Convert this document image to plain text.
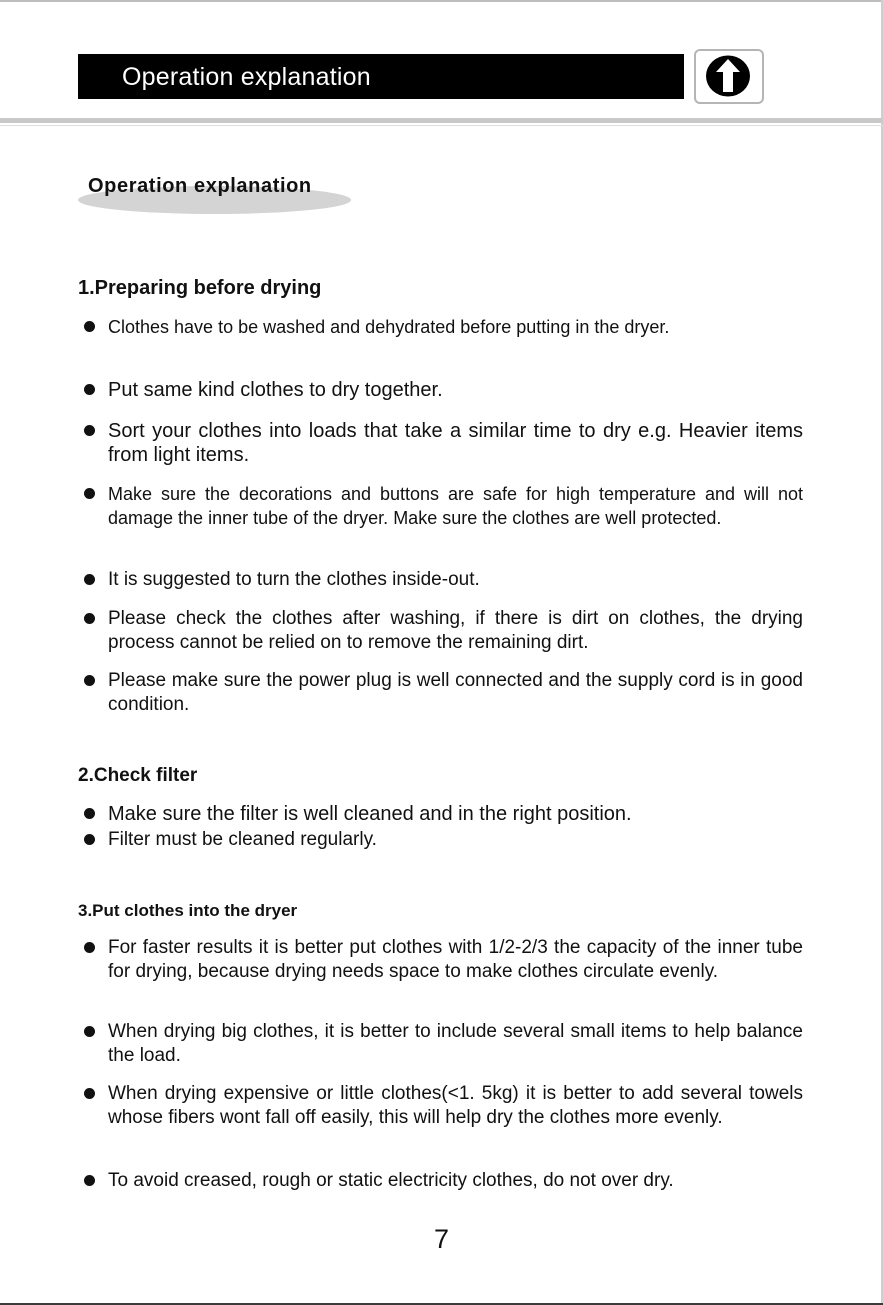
Operation explanation
Operation explanation
1.Preparing before drying
Clothes have to be washed and dehydrated before putting in the dryer.
Put same kind clothes to dry together.
Sort your clothes into loads that take a similar time to dry e.g. Heavier items from light items.
Make sure the decorations and buttons are safe for high temperature and will not damage the inner tube of the dryer. Make sure the clothes are well protected.
It is suggested to turn the clothes inside-out.
Please check the clothes after washing, if there is dirt on clothes, the drying process cannot be relied on to remove the remaining dirt.
Please make sure the power plug is well connected and the supply cord is in good condition.
2.Check filter
Make sure the filter is well cleaned and in the right position.
Filter must be cleaned regularly.
3.Put clothes into the dryer
For faster results it is better put clothes with 1/2-2/3 the capacity of the inner tube for drying, because drying needs space to make clothes circulate evenly.
When drying big clothes, it is better to include several small items to help balance the load.
When drying expensive or little clothes(<1. 5kg) it is better to add several towels whose fibers wont fall off easily, this will help dry the clothes more evenly.
To avoid creased, rough or static electricity clothes, do not over dry.
7
